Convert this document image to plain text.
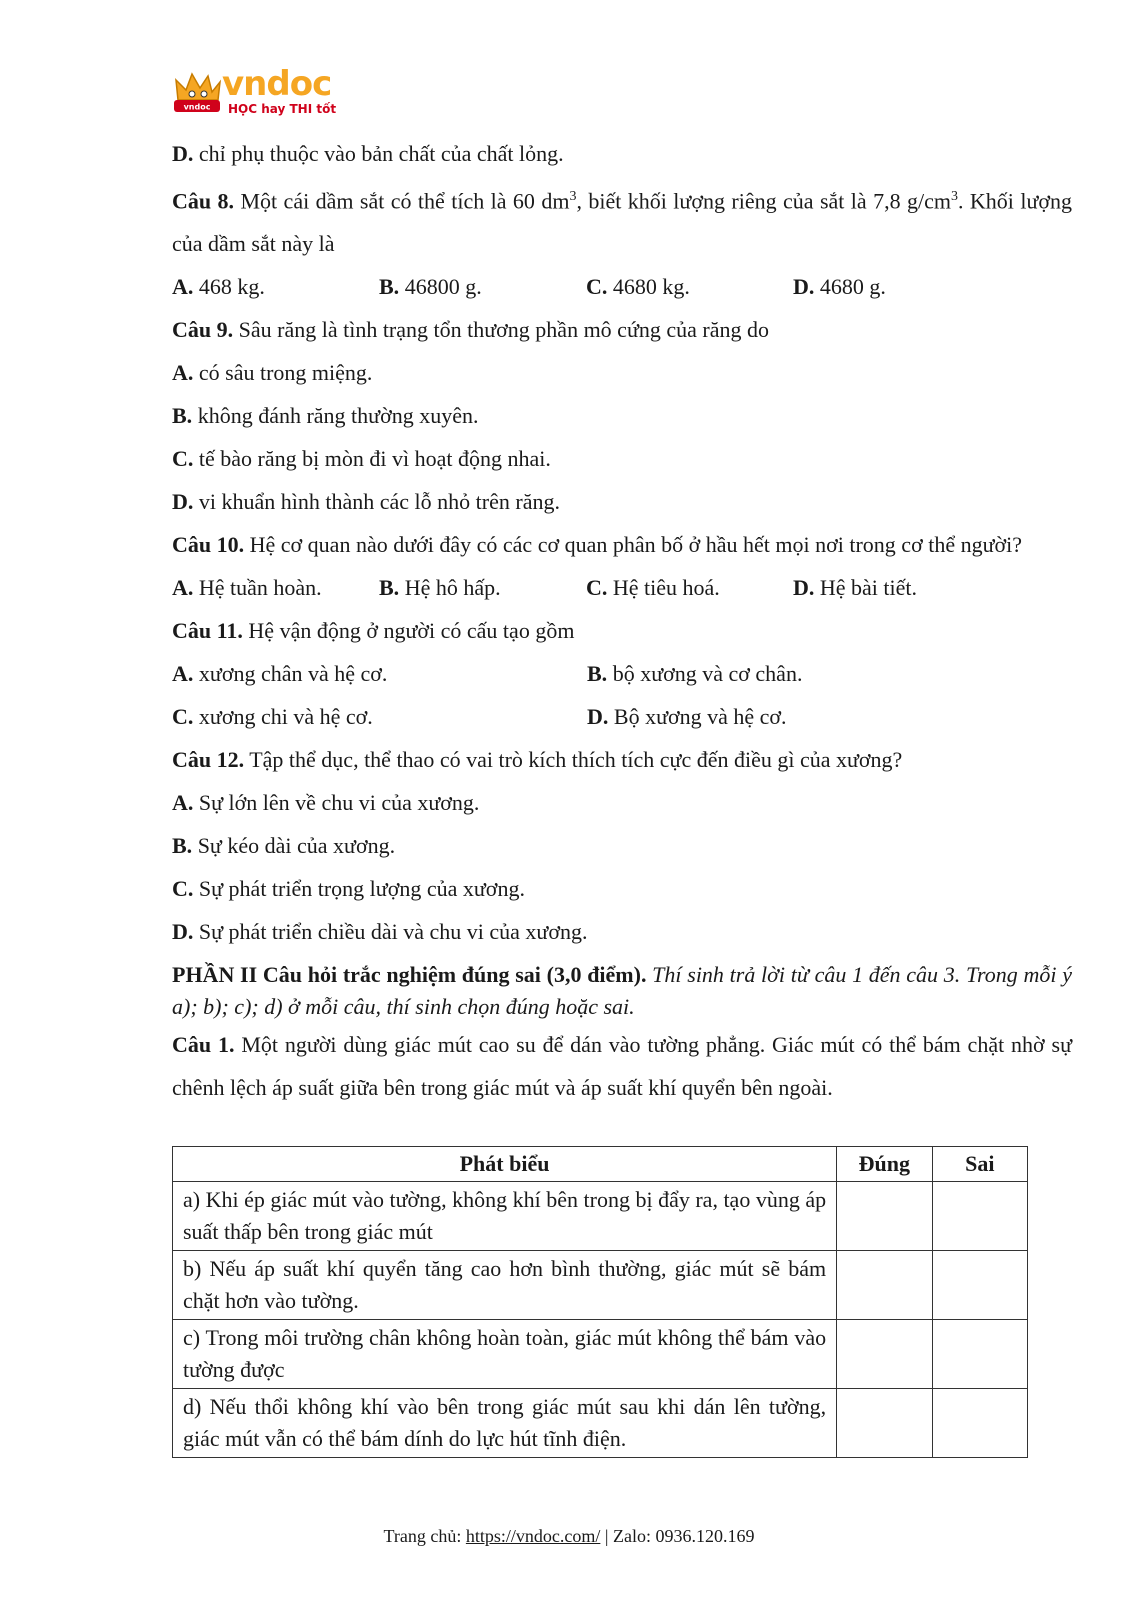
vndoc
vndoc
HỌC hay THI tốt
D. chỉ phụ thuộc vào bản chất của chất lỏng.
Câu 8. Một cái dầm sắt có thể tích là 60 $dm^3$, biết khối lượng riêng của sắt là 7,8 $g/cm^3$. Khối lượng của dầm sắt này là
A. 468 kg.	B. 46800 g.	C. 4680 kg.	D. 4680 g.
Câu 9. Sâu răng là tình trạng tổn thương phần mô cứng của răng do
A. có sâu trong miệng.
B. không đánh răng thường xuyên.
C. tế bào răng bị mòn đi vì hoạt động nhai.
D. vi khuẩn hình thành các lỗ nhỏ trên răng.
Câu 10. Hệ cơ quan nào dưới đây có các cơ quan phân bố ở hầu hết mọi nơi trong cơ thể người?
A. Hệ tuần hoàn.	B. Hệ hô hấp.	C. Hệ tiêu hoá.	D. Hệ bài tiết.
Câu 11. Hệ vận động ở người có cấu tạo gồm
A. xương chân và hệ cơ.	B. bộ xương và cơ chân.
C. xương chi và hệ cơ.	D. Bộ xương và hệ cơ.
Câu 12. Tập thể dục, thể thao có vai trò kích thích tích cực đến điều gì của xương?
A. Sự lớn lên về chu vi của xương.
B. Sự kéo dài của xương.
C. Sự phát triển trọng lượng của xương.
D. Sự phát triển chiều dài và chu vi của xương.
PHẦN II Câu hỏi trắc nghiệm đúng sai (3,0 điểm). Thí sinh trả lời từ câu 1 đến câu 3. Trong mỗi ý a); b); c); d) ở mỗi câu, thí sinh chọn đúng hoặc sai.
Câu 1. Một người dùng giác mút cao su để dán vào tường phẳng. Giác mút có thể bám chặt nhờ sự chênh lệch áp suất giữa bên trong giác mút và áp suất khí quyển bên ngoài.
Phát biểu	Đúng	Sai
a) Khi ép giác mút vào tường, không khí bên trong bị đẩy ra, tạo vùng áp suất thấp bên trong giác mút		
b) Nếu áp suất khí quyển tăng cao hơn bình thường, giác mút sẽ bám chặt hơn vào tường.		
c) Trong môi trường chân không hoàn toàn, giác mút không thể bám vào tường được		
d) Nếu thổi không khí vào bên trong giác mút sau khi dán lên tường, giác mút vẫn có thể bám dính do lực hút tĩnh điện.		
Trang chủ: https://vndoc.com/ | Zalo: 0936.120.169
